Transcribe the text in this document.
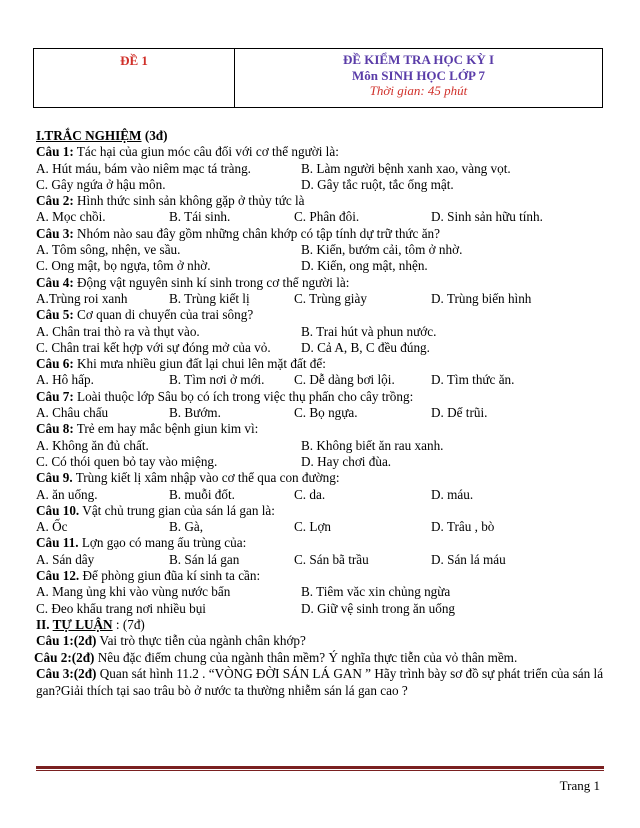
ĐỀ 1	ĐỀ KIỂM TRA HỌC KỲ I
Môn SINH HỌC LỚP 7
Thời gian: 45 phút
I.TRẮC NGHIỆM (3đ)
Câu 1: Tác hại của giun móc câu đối với cơ thể người là:
A. Hút máu, bám vào niêm mạc tá tràng.	B. Làm người bệnh xanh xao, vàng vọt.
C. Gây ngứa ở hậu môn.	D. Gây tắc ruột, tắc ống mật.
Câu 2: Hình thức sinh sản không gặp ở thủy tức là
A. Mọc chồi.	B. Tái sinh.	C. Phân đôi.	D. Sinh sản hữu tính.
Câu 3: Nhóm nào sau đây gồm những chân khớp có tập tính dự trữ thức ăn?
A. Tôm sông, nhện, ve sầu.	B. Kiến, bướm cải, tôm ở nhờ.
C. Ong mật, bọ ngựa, tôm ở nhờ.	D. Kiến, ong mật, nhện.
Câu 4: Động vật nguyên sinh kí sinh trong cơ thể người là:
A.Trùng roi xanh	B. Trùng kiết lị	C. Trùng giày	D. Trùng biến hình
Câu 5: Cơ quan di chuyển của trai sông?
A. Chân trai thò ra và thụt vào.	B. Trai hút và phun nước.
C. Chân trai kết hợp với sự đóng mở của vỏ. D. Cả A, B, C đều đúng.
Câu 6: Khi mưa nhiều giun đất lại chui lên mặt đất để:
A. Hô hấp.	B. Tìm nơi ở mới. C. Dễ dàng bơi lội.	D. Tìm thức ăn.
Câu 7: Loài thuộc lớp Sâu bọ có ích trong việc thụ phấn cho cây trồng:
A. Châu chấu	B. Bướm.	C. Bọ ngựa.	D. Dế trũi.
Câu 8: Trẻ em hay mắc bệnh giun kim vì:
A. Không ăn đủ chất.	B. Không biết ăn rau xanh.
C. Có thói quen bỏ tay vào miệng.	D. Hay chơi đùa.
Câu 9. Trùng kiết lị xâm nhập vào cơ thể qua con đường:
A. ăn uống.	B. muỗi đốt.	C. da.	D. máu.
Câu 10. Vật chủ trung gian của sán lá gan là:
A. Ốc	B. Gà,	C. Lợn	D. Trâu , bò
Câu 11. Lợn gạo có mang ấu trùng của:
A. Sán dây	B. Sán lá gan	C. Sán bã trầu	D. Sán lá máu
Câu 12. Để phòng giun đũa kí sinh ta cần:
A. Mang ủng khi vào vùng nước bẩn	B. Tiêm văc xin chủng ngừa
C. Đeo khẩu trang nơi nhiều bụi	D. Giữ vệ sinh trong ăn uống
II. TỰ LUẬN : (7đ)
Câu 1:(2đ) Vai trò thực tiễn của ngành chân khớp?
Câu 2:(2đ) Nêu đặc điểm chung của ngành thân mềm? Ý nghĩa thực tiễn của vỏ thân mềm.
Câu 3:(2đ) Quan sát hình 11.2 . “VÒNG ĐỜI SÁN LÁ GAN ” Hãy trình bày sơ đồ sự phát triển của sán lá gan?Giải thích tại sao trâu bò ở nước ta thường nhiễm sán lá gan cao ?
Trang 1
